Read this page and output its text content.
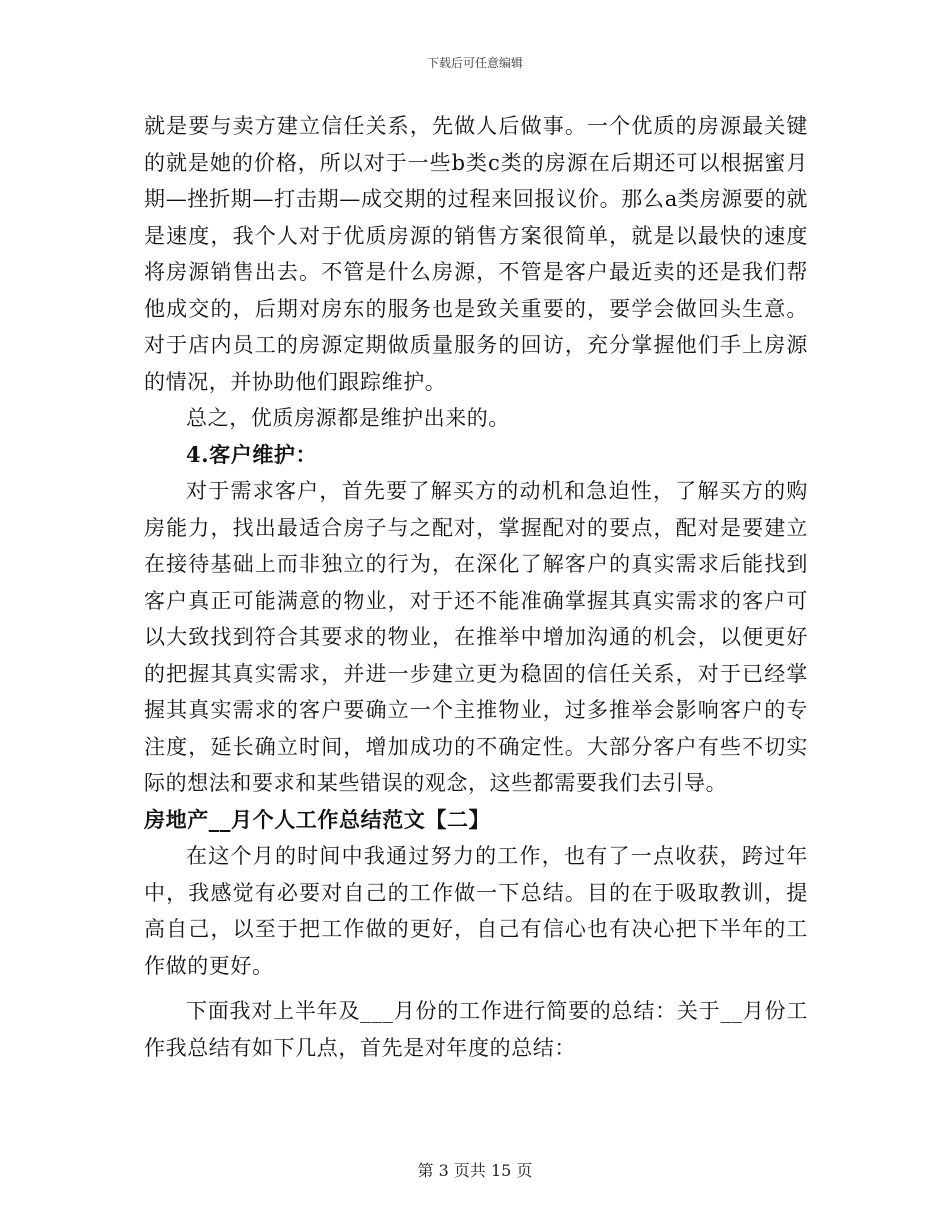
下载后可任意编辑

就是要与卖方建立信任关系，先做人后做事。一个优质的房源最关键的就是她的价格，所以对于一些b类c类的房源在后期还可以根据蜜月期—挫折期—打击期—成交期的过程来回报议价。那么a类房源要的就是速度，我个人对于优质房源的销售方案很简单，就是以最快的速度将房源销售出去。不管是什么房源，不管是客户最近卖的还是我们帮他成交的，后期对房东的服务也是致关重要的，要学会做回头生意。对于店内员工的房源定期做质量服务的回访，充分掌握他们手上房源的情况，并协助他们跟踪维护。

总之，优质房源都是维护出来的。

4.客户维护：

对于需求客户，首先要了解买方的动机和急迫性，了解买方的购房能力，找出最适合房子与之配对，掌握配对的要点，配对是要建立在接待基础上而非独立的行为，在深化了解客户的真实需求后能找到客户真正可能满意的物业，对于还不能准确掌握其真实需求的客户可以大致找到符合其要求的物业，在推举中增加沟通的机会，以便更好的把握其真实需求，并进一步建立更为稳固的信任关系，对于已经掌握其真实需求的客户要确立一个主推物业，过多推举会影响客户的专注度，延长确立时间，增加成功的不确定性。大部分客户有些不切实际的想法和要求和某些错误的观念，这些都需要我们去引导。

房地产__月个人工作总结范文【二】

在这个月的时间中我通过努力的工作，也有了一点收获，跨过年中，我感觉有必要对自己的工作做一下总结。目的在于吸取教训，提高自己，以至于把工作做的更好，自己有信心也有决心把下半年的工作做的更好。

下面我对上半年及___月份的工作进行简要的总结：关于__月份工作我总结有如下几点，首先是对年度的总结：

第 3 页共 15 页
